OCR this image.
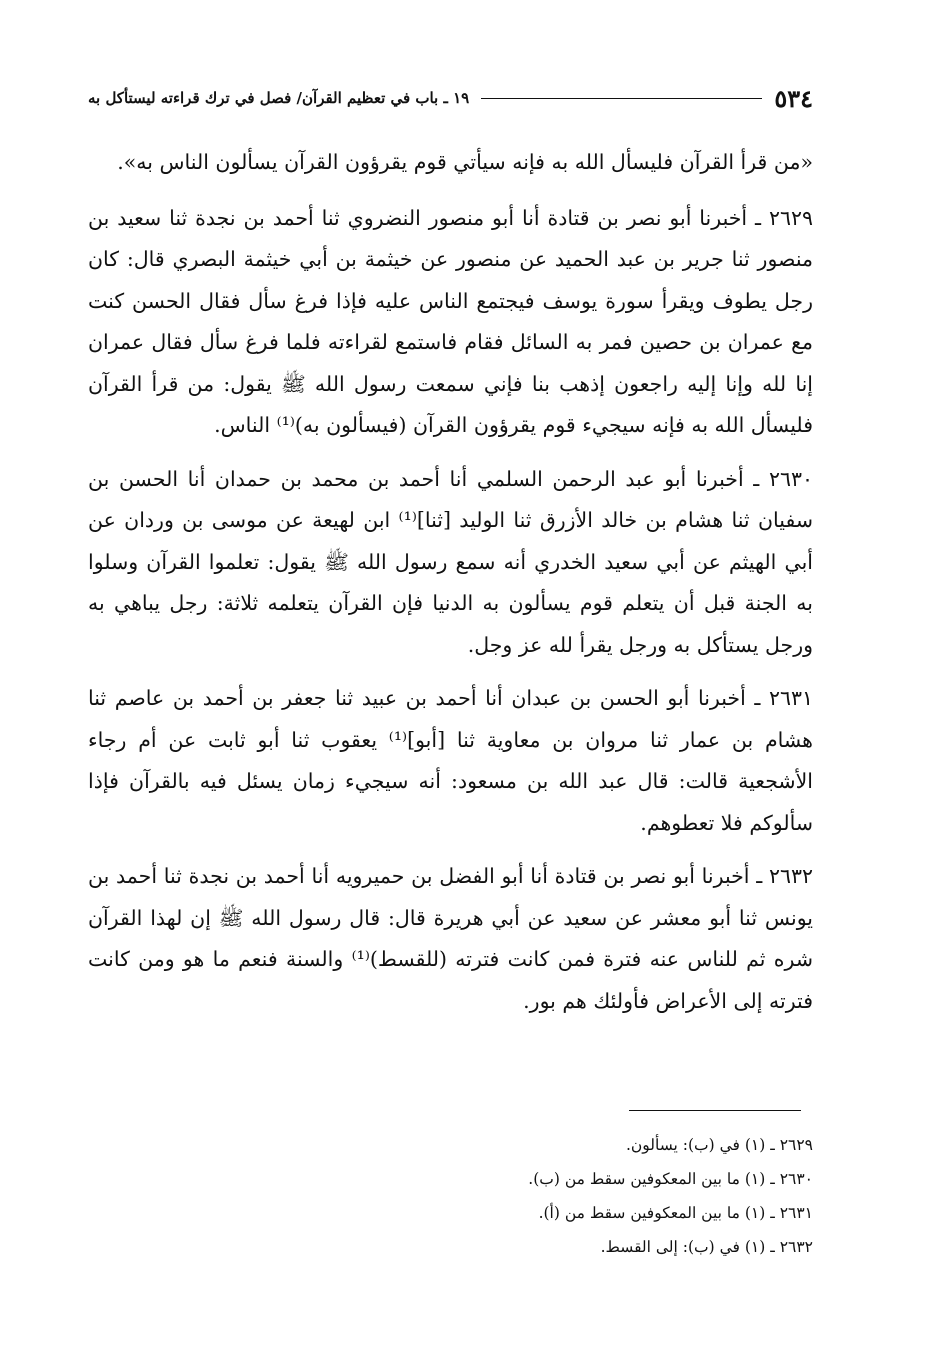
٥٣٤
١٩ ـ باب في تعظيم القرآن/ فصل في ترك قراءته ليستأكل به

«من قرأ القرآن فليسأل الله به فإنه سيأتي قوم يقرؤون القرآن يسألون الناس به».

٢٦٢٩ ـ أخبرنا أبو نصر بن قتادة أنا أبو منصور النضروي ثنا أحمد بن نجدة ثنا سعيد بن منصور ثنا جرير بن عبد الحميد عن منصور عن خيثمة بن أبي خيثمة البصري قال: كان رجل يطوف ويقرأ سورة يوسف فيجتمع الناس عليه فإذا فرغ سأل فقال الحسن كنت مع عمران بن حصين فمر به السائل فقام فاستمع لقراءته فلما فرغ سأل فقال عمران إنا لله وإنا إليه راجعون إذهب بنا فإني سمعت رسول الله ﷺ يقول: من قرأ القرآن فليسأل الله به فإنه سيجيء قوم يقرؤون القرآن (فيسألون به)⁽¹⁾ الناس.

٢٦٣٠ ـ أخبرنا أبو عبد الرحمن السلمي أنا أحمد بن محمد بن حمدان أنا الحسن بن سفيان ثنا هشام بن خالد الأزرق ثنا الوليد [ثنا]⁽¹⁾ ابن لهيعة عن موسى بن وردان عن أبي الهيثم عن أبي سعيد الخدري أنه سمع رسول الله ﷺ يقول: تعلموا القرآن وسلوا به الجنة قبل أن يتعلم قوم يسألون به الدنيا فإن القرآن يتعلمه ثلاثة: رجل يباهي به ورجل يستأكل به ورجل يقرأ لله عز وجل.

٢٦٣١ ـ أخبرنا أبو الحسن بن عبدان أنا أحمد بن عبيد ثنا جعفر بن أحمد بن عاصم ثنا هشام بن عمار ثنا مروان بن معاوية ثنا [أبو]⁽¹⁾ يعقوب ثنا أبو ثابت عن أم رجاء الأشجعية قالت: قال عبد الله بن مسعود: أنه سيجيء زمان يسئل فيه بالقرآن فإذا سألوكم فلا تعطوهم.

٢٦٣٢ ـ أخبرنا أبو نصر بن قتادة أنا أبو الفضل بن حميرويه أنا أحمد بن نجدة ثنا أحمد بن يونس ثنا أبو معشر عن سعيد عن أبي هريرة قال: قال رسول الله ﷺ إن لهذا القرآن شره ثم للناس عنه فترة فمن كانت فترته (للقسط)⁽¹⁾ والسنة فنعم ما هو ومن كانت فترته إلى الأعراض فأولئك هم بور.

٢٦٢٩ ـ (١) في (ب): يسألون.
٢٦٣٠ ـ (١) ما بين المعكوفين سقط من (ب).
٢٦٣١ ـ (١) ما بين المعكوفين سقط من (أ).
٢٦٣٢ ـ (١) في (ب): إلى القسط.
